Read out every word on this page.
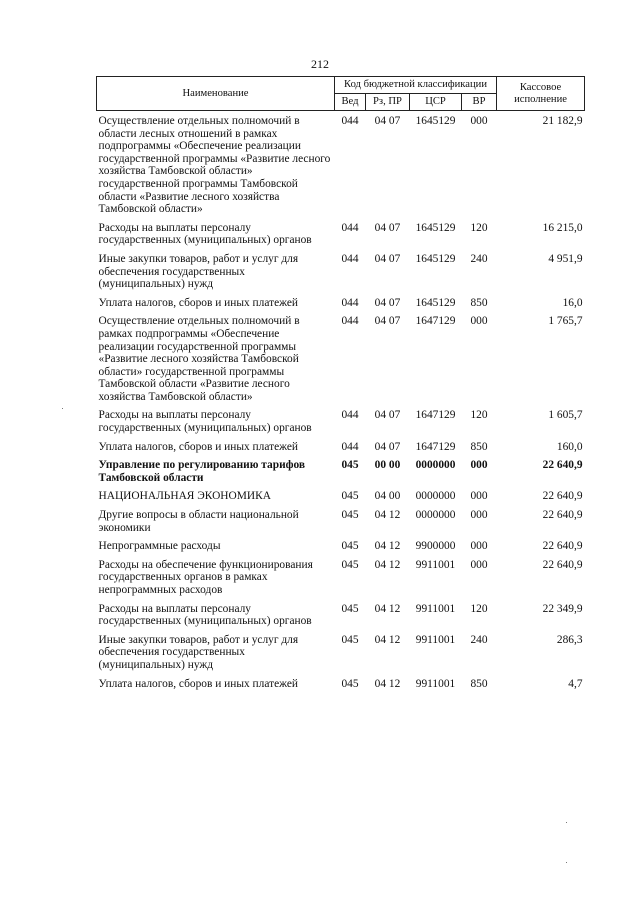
212
Наименование	Код бюджетной классификации				Кассовое исполнение
	Вед	Рз, ПР	ЦСР	ВР	
Осуществление отдельных полномочий в области лесных отношений в рамках подпрограммы «Обеспечение реализации государственной программы «Развитие лесного хозяйства Тамбовской области» государственной программы Тамбовской области «Развитие лесного хозяйства Тамбовской области»	044	04 07	1645129	000	21 182,9
Расходы на выплаты персоналу государственных (муниципальных) органов	044	04 07	1645129	120	16 215,0
Иные закупки товаров, работ и услуг для обеспечения государственных (муниципальных) нужд	044	04 07	1645129	240	4 951,9
Уплата налогов, сборов и иных платежей	044	04 07	1645129	850	16,0
Осуществление отдельных полномочий в рамках подпрограммы «Обеспечение реализации государственной программы «Развитие лесного хозяйства Тамбовской области» государственной программы Тамбовской области «Развитие лесного хозяйства Тамбовской области»	044	04 07	1647129	000	1 765,7
Расходы на выплаты персоналу государственных (муниципальных) органов	044	04 07	1647129	120	1 605,7
Уплата налогов, сборов и иных платежей	044	04 07	1647129	850	160,0
Управление по регулированию тарифов Тамбовской области	045	00 00	0000000	000	22 640,9
НАЦИОНАЛЬНАЯ ЭКОНОМИКА	045	04 00	0000000	000	22 640,9
Другие вопросы в области национальной экономики	045	04 12	0000000	000	22 640,9
Непрограммные расходы	045	04 12	9900000	000	22 640,9
Расходы на обеспечение функционирования государственных органов в рамках непрограммных расходов	045	04 12	9911001	000	22 640,9
Расходы на выплаты персоналу государственных (муниципальных) органов	045	04 12	9911001	120	22 349,9
Иные закупки товаров, работ и услуг для обеспечения государственных (муниципальных) нужд	045	04 12	9911001	240	286,3
Уплата налогов, сборов и иных платежей	045	04 12	9911001	850	4,7
